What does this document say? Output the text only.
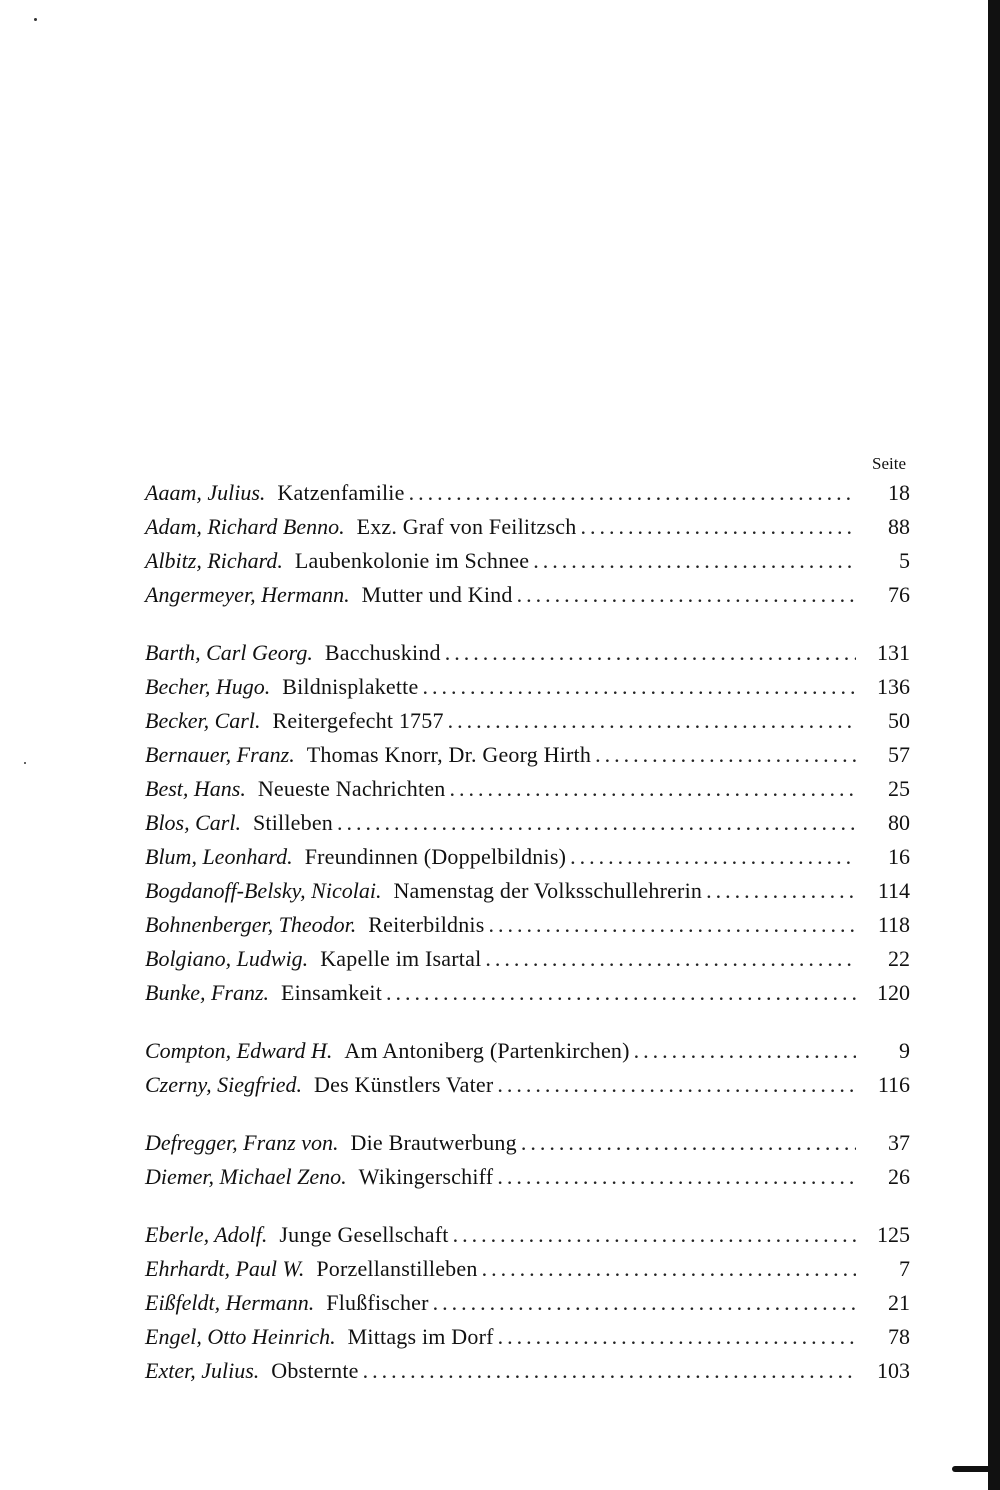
Seite
Aaam, Julius. Katzenfamilie .....	18
Adam, Richard Benno. Exz. Graf von Feilitzsch .....	88
Albitz, Richard. Laubenkolonie im Schnee .....	5
Angermeyer, Hermann. Mutter und Kind .....	76
Barth, Carl Georg. Bacchuskind .....	131
Becher, Hugo. Bildnisplakette .....	136
Becker, Carl. Reitergefecht 1757 .....	50
Bernauer, Franz. Thomas Knorr, Dr. Georg Hirth .....	57
Best, Hans. Neueste Nachrichten .....	25
Blos, Carl. Stilleben .....	80
Blum, Leonhard. Freundinnen (Doppelbildnis) .....	16
Bogdanoff-Belsky, Nicolai. Namenstag der Volksschullehrerin .....	114
Bohnenberger, Theodor. Reiterbildnis .....	118
Bolgiano, Ludwig. Kapelle im Isartal .....	22
Bunke, Franz. Einsamkeit .....	120
Compton, Edward H. Am Antoniberg (Partenkirchen) .....	9
Czerny, Siegfried. Des Künstlers Vater .....	116
Defregger, Franz von. Die Brautwerbung .....	37
Diemer, Michael Zeno. Wikingerschiff .....	26
Eberle, Adolf. Junge Gesellschaft .....	125
Ehrhardt, Paul W. Porzellanstilleben .....	7
Eißfeldt, Hermann. Flußfischer .....	21
Engel, Otto Heinrich. Mittags im Dorf .....	78
Exter, Julius. Obsternte .....	103
